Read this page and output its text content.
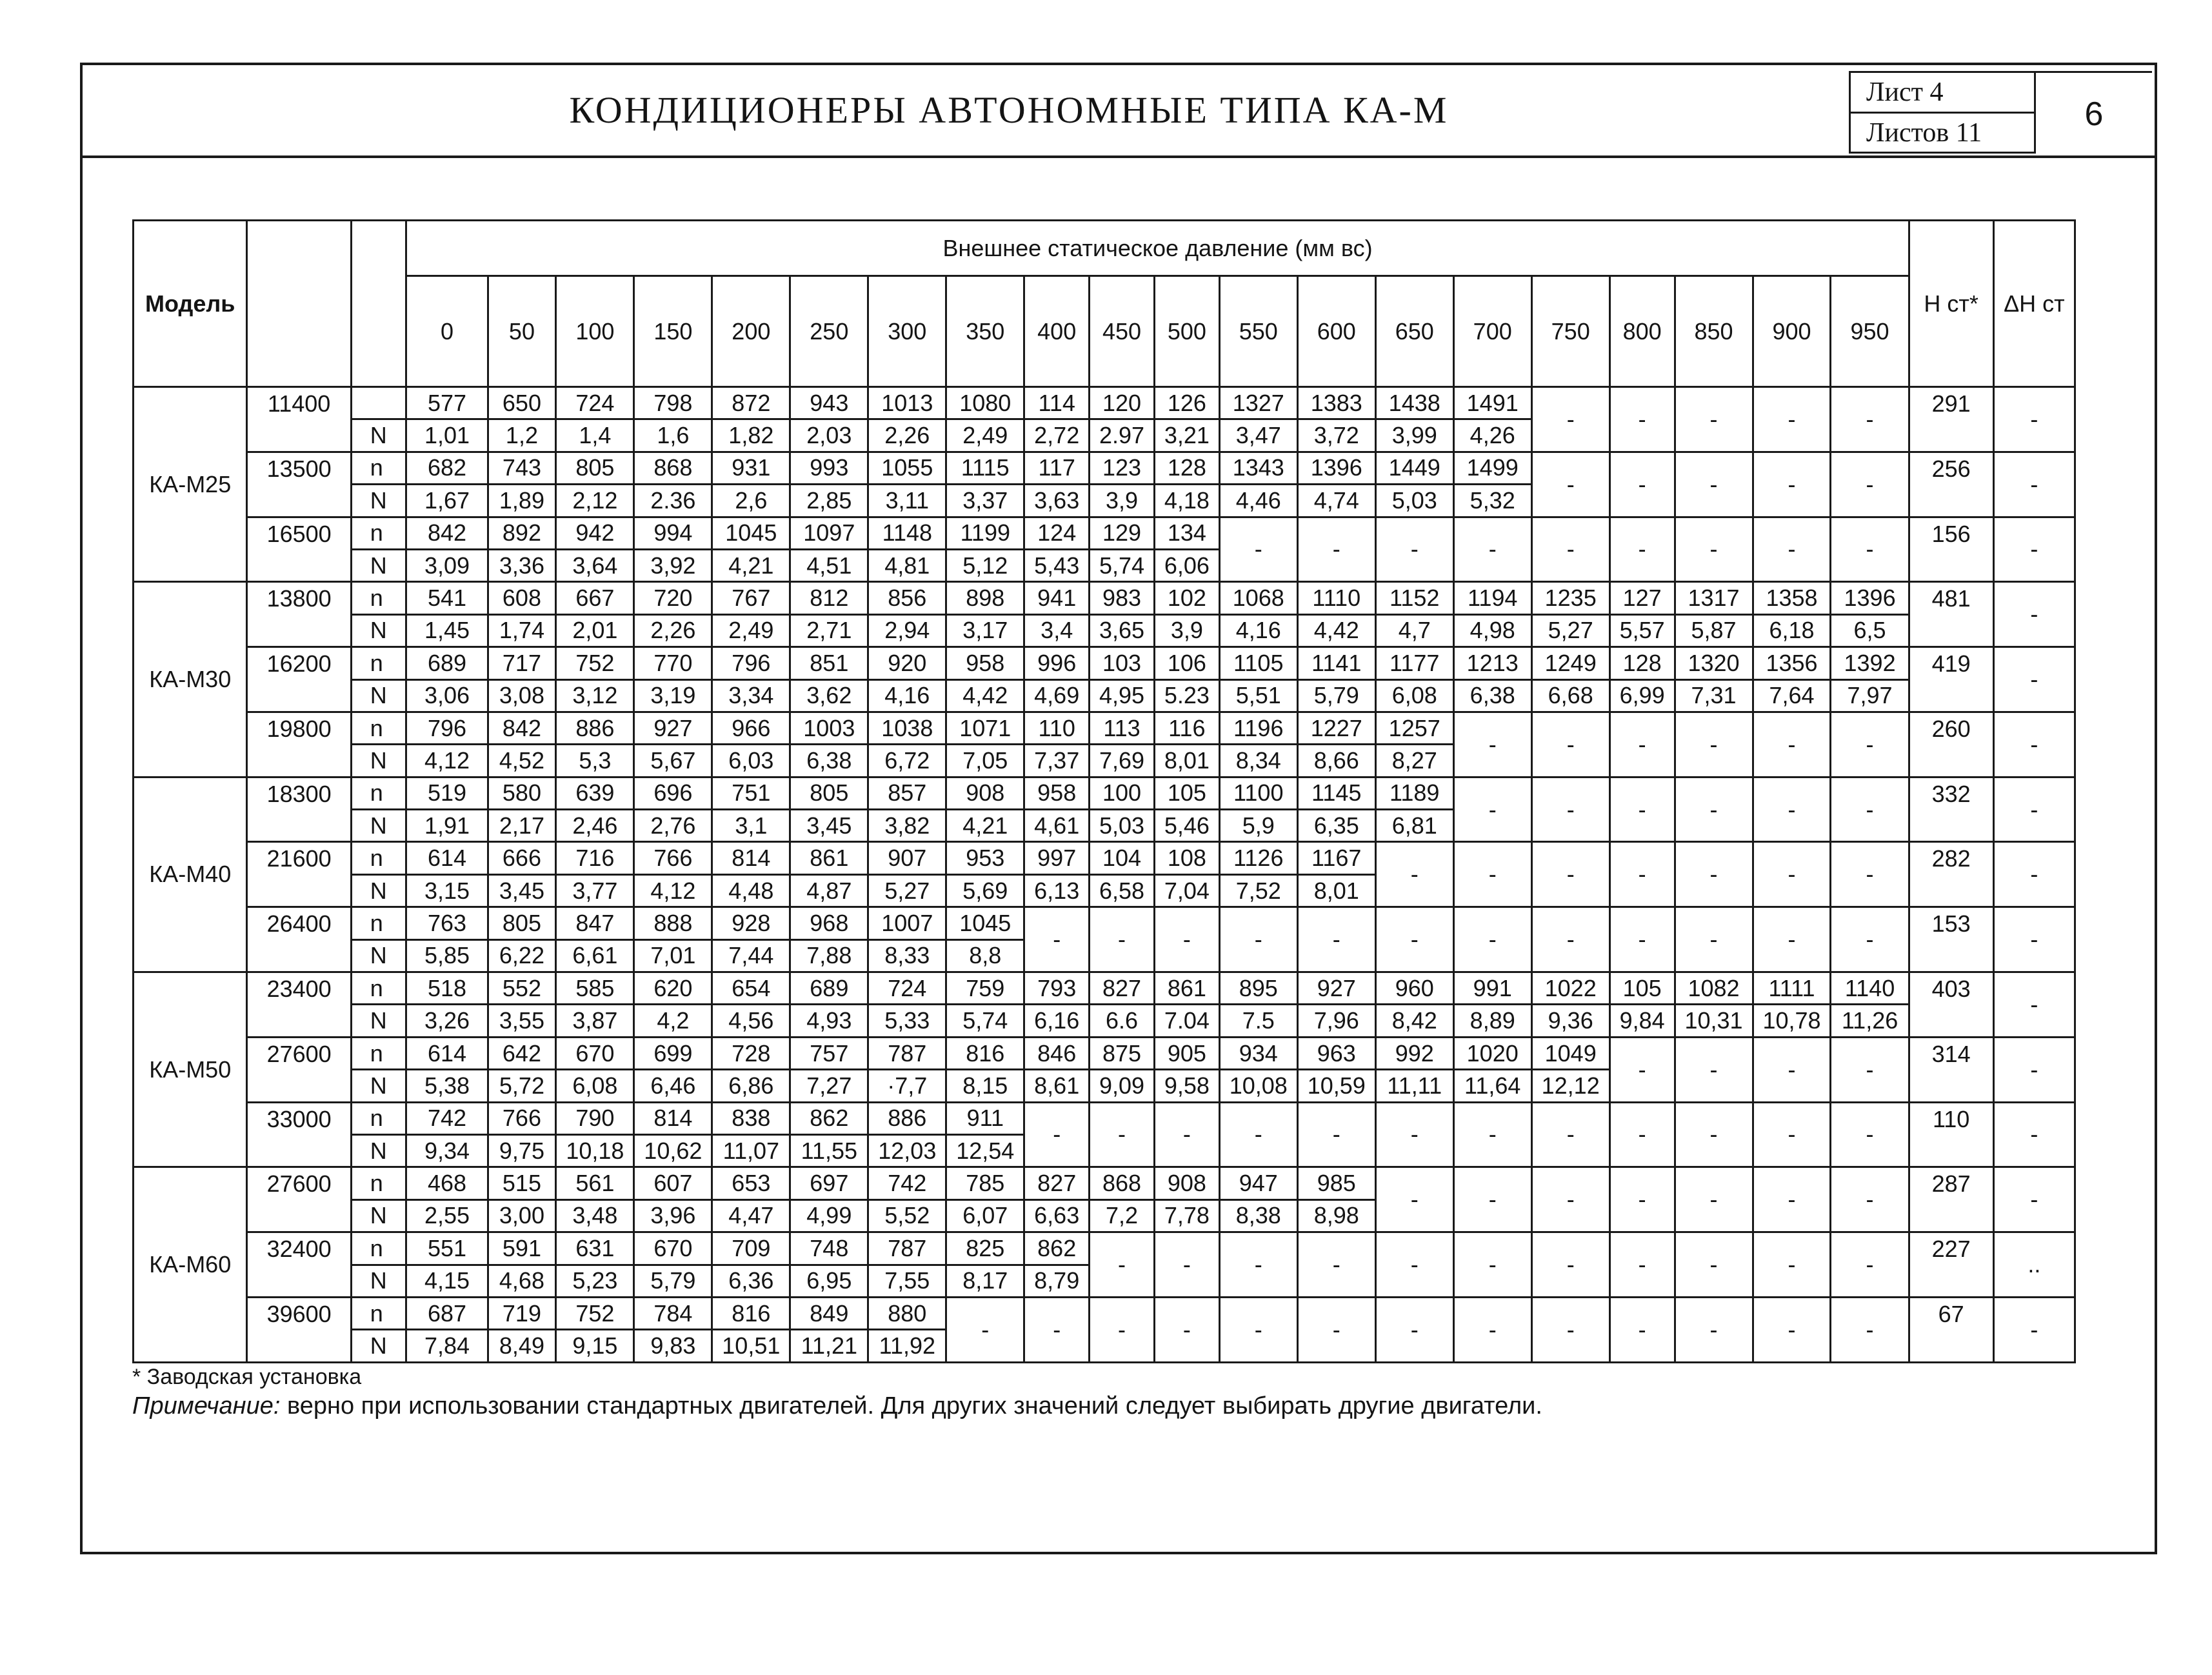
КОНДИЦИОНЕРЫ АВТОНОМНЫЕ ТИПА КА-М	Лист 4
Листов 11	6
Модель			Внешнее статическое давление (мм вс)																				Н ст*	ΔН ст
			0	50	100	150	200	250	300	350	400	450	500	550	600	650	700	750	800	850	900	950		
КА-М25	11400		577	650	724	798	872	943	1013	1080	114	120	126	1327	1383	1438	1491	-	-	-	-	-	291	-
		N	1,01	1,2	1,4	1,6	1,82	2,03	2,26	2,49	2,72	2.97	3,21	3,47	3,72	3,99	4,26							
	13500	n	682	743	805	868	931	993	1055	1115	117	123	128	1343	1396	1449	1499	-	-	-	-	-	256	-
		N	1,67	1,89	2,12	2.36	2,6	2,85	3,11	3,37	3,63	3,9	4,18	4,46	4,74	5,03	5,32							
	16500	n	842	892	942	994	1045	1097	1148	1199	124	129	134	-	-	-	-	-	-	-	-	-	156	-
		N	3,09	3,36	3,64	3,92	4,21	4,51	4,81	5,12	5,43	5,74	6,06											
КА-М30	13800	n	541	608	667	720	767	812	856	898	941	983	102	1068	1110	1152	1194	1235	127	1317	1358	1396	481	-
		N	1,45	1,74	2,01	2,26	2,49	2,71	2,94	3,17	3,4	3,65	3,9	4,16	4,42	4,7	4,98	5,27	5,57	5,87	6,18	6,5		
	16200	n	689	717	752	770	796	851	920	958	996	103	106	1105	1141	1177	1213	1249	128	1320	1356	1392	419	-
		N	3,06	3,08	3,12	3,19	3,34	3,62	4,16	4,42	4,69	4,95	5.23	5,51	5,79	6,08	6,38	6,68	6,99	7,31	7,64	7,97		
	19800	n	796	842	886	927	966	1003	1038	1071	110	113	116	1196	1227	1257	-	-	-	-	-	-	260	-
		N	4,12	4,52	5,3	5,67	6,03	6,38	6,72	7,05	7,37	7,69	8,01	8,34	8,66	8,27								
КА-М40	18300	n	519	580	639	696	751	805	857	908	958	100	105	1100	1145	1189	-	-	-	-	-	-	332	-
		N	1,91	2,17	2,46	2,76	3,1	3,45	3,82	4,21	4,61	5,03	5,46	5,9	6,35	6,81								
	21600	n	614	666	716	766	814	861	907	953	997	104	108	1126	1167	-	-	-	-	-	-	-	282	-
		N	3,15	3,45	3,77	4,12	4,48	4,87	5,27	5,69	6,13	6,58	7,04	7,52	8,01									
	26400	n	763	805	847	888	928	968	1007	1045	-	-	-	-	-	-	-	-	-	-	-	-	153	-
		N	5,85	6,22	6,61	7,01	7,44	7,88	8,33	8,8														
КА-М50	23400	n	518	552	585	620	654	689	724	759	793	827	861	895	927	960	991	1022	105	1082	1111	1140	403	-
		N	3,26	3,55	3,87	4,2	4,56	4,93	5,33	5,74	6,16	6.6	7.04	7.5	7,96	8,42	8,89	9,36	9,84	10,31	10,78	11,26		
	27600	n	614	642	670	699	728	757	787	816	846	875	905	934	963	992	1020	1049	-	-	-	-	314	-
		N	5,38	5,72	6,08	6,46	6,86	7,27	·7,7	8,15	8,61	9,09	9,58	10,08	10,59	11,11	11,64	12,12						
	33000	n	742	766	790	814	838	862	886	911	-	-	-	-	-	-	-	-	-	-	-	-	110	-
		N	9,34	9,75	10,18	10,62	11,07	11,55	12,03	12,54														
КА-М60	27600	n	468	515	561	607	653	697	742	785	827	868	908	947	985	-	-	-	-	-	-	-	287	-
		N	2,55	3,00	3,48	3,96	4,47	4,99	5,52	6,07	6,63	7,2	7,78	8,38	8,98									
	32400	n	551	591	631	670	709	748	787	825	862	-	-	-	-	-	-	-	-	-	-	-	227	..
		N	4,15	4,68	5,23	5,79	6,36	6,95	7,55	8,17	8,79													
	39600	n	687	719	752	784	816	849	880	-	-	-	-	-	-	-	-	-	-	-	-	-	67	-
		N	7,84	8,49	9,15	9,83	10,51	11,21	11,92															
* Заводская установка
Примечание: верно при использовании стандартных двигателей. Для других значений следует выбирать другие двигатели.
